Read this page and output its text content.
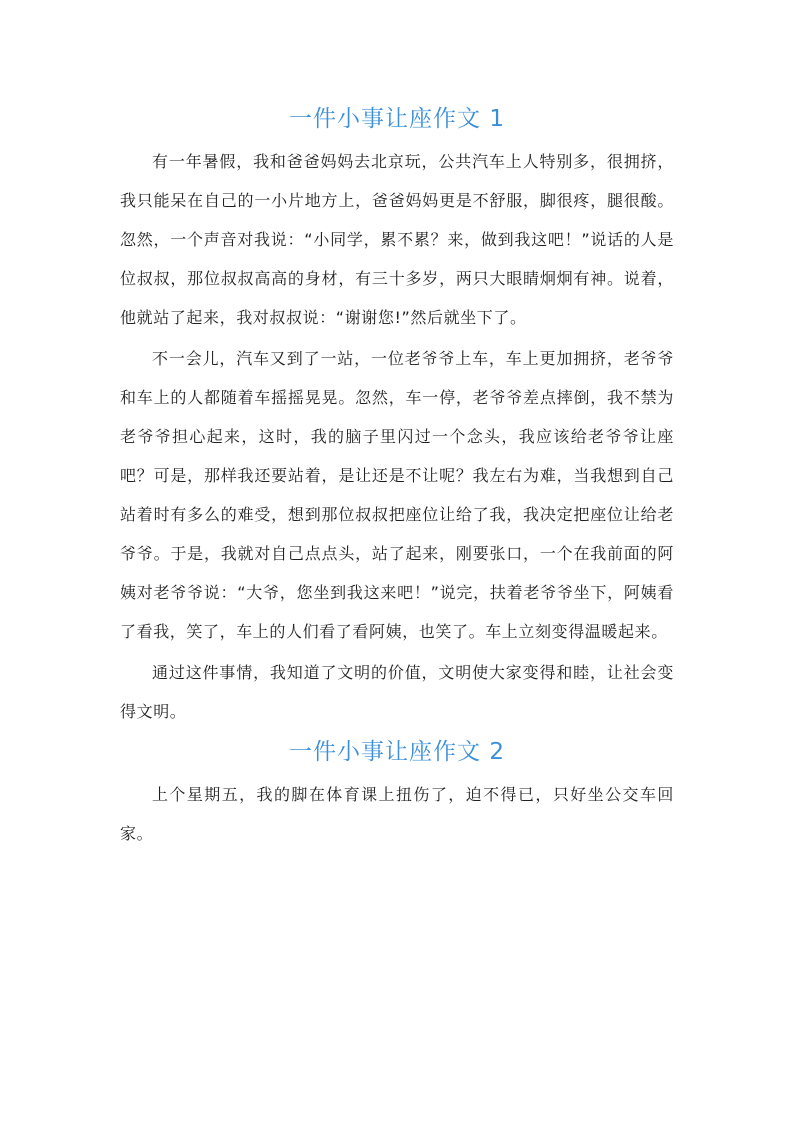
一件小事让座作文 1

有一年暑假，我和爸爸妈妈去北京玩，公共汽车上人特别多，很拥挤，我只能呆在自己的一小片地方上，爸爸妈妈更是不舒服，脚很疼，腿很酸。忽然，一个声音对我说：“小同学，累不累？来，做到我这吧！”说话的人是位叔叔，那位叔叔高高的身材，有三十多岁，两只大眼睛炯炯有神。说着，他就站了起来，我对叔叔说：“谢谢您!”然后就坐下了。

不一会儿，汽车又到了一站，一位老爷爷上车，车上更加拥挤，老爷爷和车上的人都随着车摇摇晃晃。忽然，车一停，老爷爷差点摔倒，我不禁为老爷爷担心起来，这时，我的脑子里闪过一个念头，我应该给老爷爷让座吧？可是，那样我还要站着，是让还是不让呢？我左右为难，当我想到自己站着时有多么的难受，想到那位叔叔把座位让给了我，我决定把座位让给老爷爷。于是，我就对自己点点头，站了起来，刚要张口，一个在我前面的阿姨对老爷爷说：“大爷，您坐到我这来吧！”说完，扶着老爷爷坐下，阿姨看了看我，笑了，车上的人们看了看阿姨，也笑了。车上立刻变得温暖起来。

通过这件事情，我知道了文明的价值，文明使大家变得和睦，让社会变得文明。

一件小事让座作文 2

上个星期五，我的脚在体育课上扭伤了，迫不得已，只好坐公交车回家。
